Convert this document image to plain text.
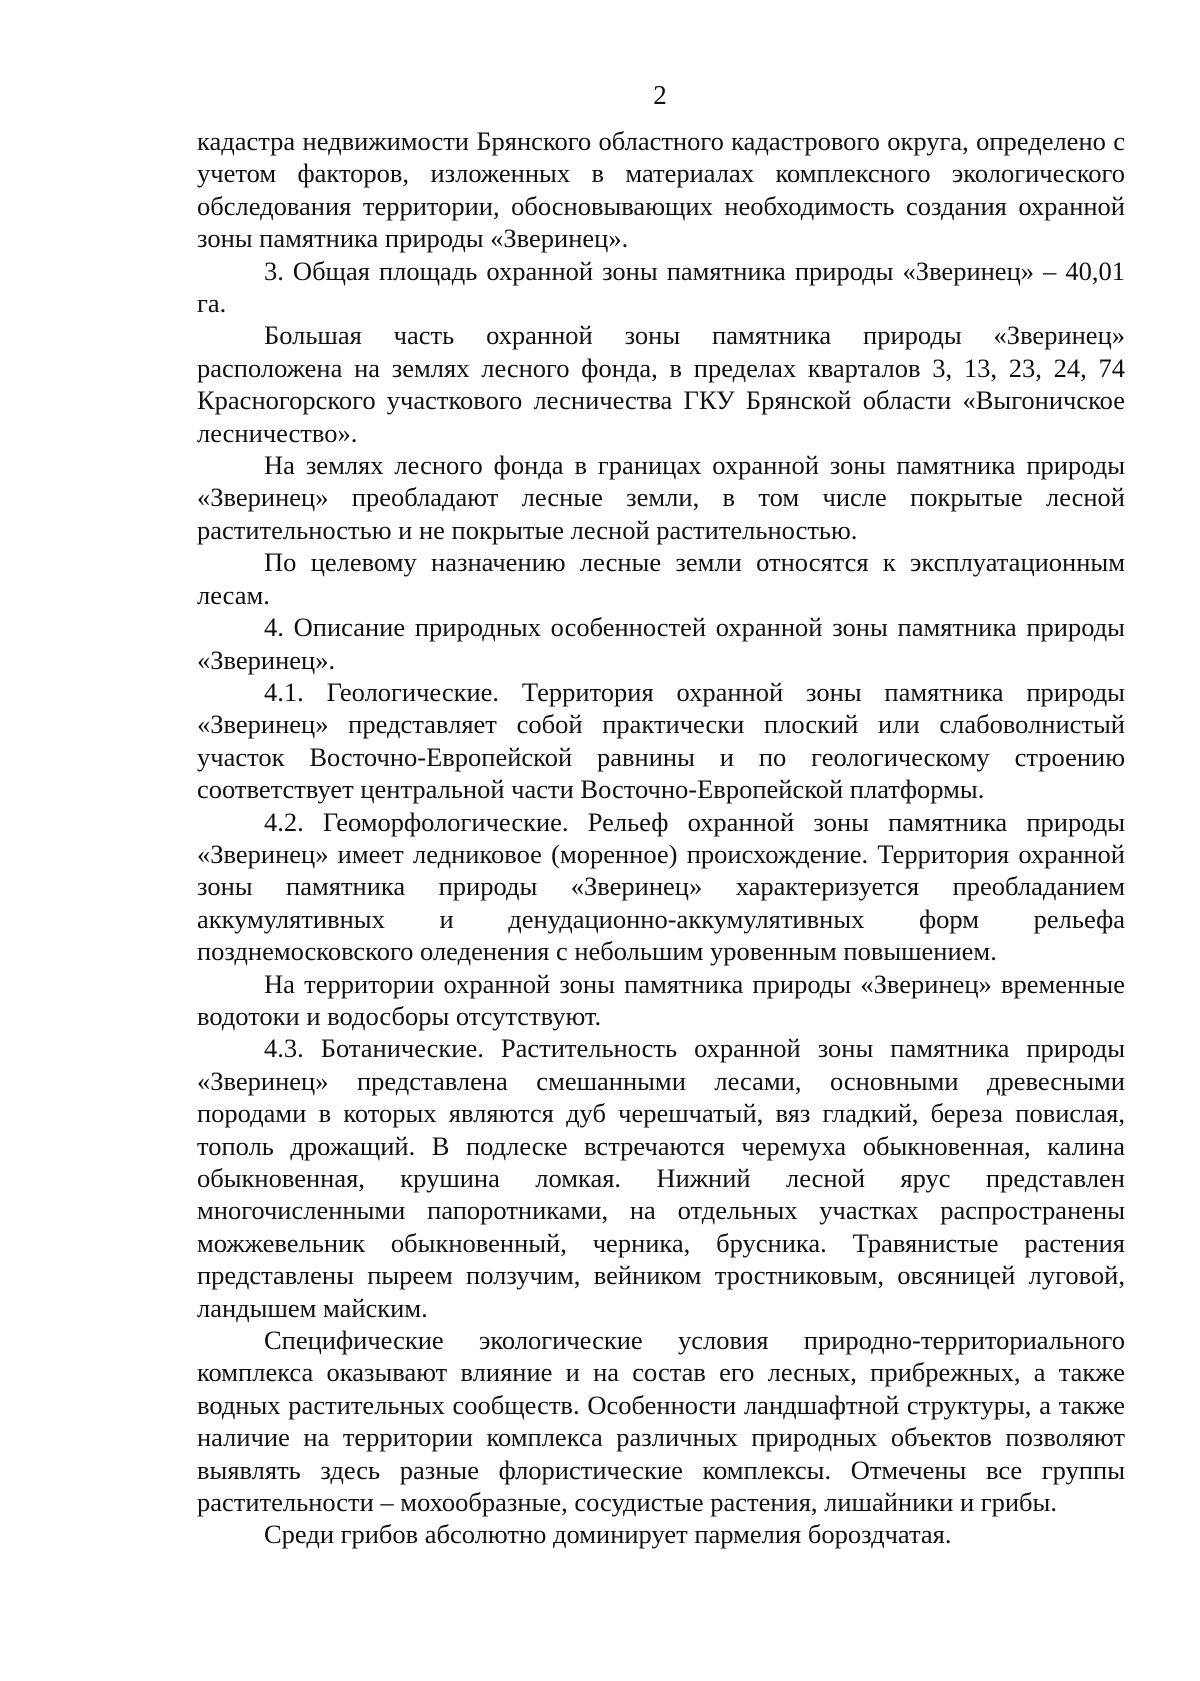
2

кадастра недвижимости Брянского областного кадастрового округа, определено с учетом факторов, изложенных в материалах комплексного экологического обследования территории, обосновывающих необходимость создания охранной зоны памятника природы «Зверинец».

3. Общая площадь охранной зоны памятника природы «Зверинец» – 40,01 га.

Большая часть охранной зоны памятника природы «Зверинец» расположена на землях лесного фонда, в пределах кварталов 3, 13, 23, 24, 74 Красногорского участкового лесничества ГКУ Брянской области «Выгоничское лесничество».

На землях лесного фонда в границах охранной зоны памятника природы «Зверинец» преобладают лесные земли, в том числе покрытые лесной растительностью и не покрытые лесной растительностью.

По целевому назначению лесные земли относятся к эксплуатационным лесам.

4. Описание природных особенностей охранной зоны памятника природы «Зверинец».

4.1. Геологические. Территория охранной зоны памятника природы «Зверинец» представляет собой практически плоский или слабоволнистый участок Восточно-Европейской равнины и по геологическому строению соответствует центральной части Восточно-Европейской платформы.

4.2. Геоморфологические. Рельеф охранной зоны памятника природы «Зверинец» имеет ледниковое (моренное) происхождение. Территория охранной зоны памятника природы «Зверинец» характеризуется преобладанием аккумулятивных и денудационно-аккумулятивных форм рельефа позднемосковского оледенения с небольшим уровенным повышением.

На территории охранной зоны памятника природы «Зверинец» временные водотоки и водосборы отсутствуют.

4.3. Ботанические. Растительность охранной зоны памятника природы «Зверинец» представлена смешанными лесами, основными древесными породами в которых являются дуб черешчатый, вяз гладкий, береза повислая, тополь дрожащий. В подлеске встречаются черемуха обыкновенная, калина обыкновенная, крушина ломкая. Нижний лесной ярус представлен многочисленными папоротниками, на отдельных участках распространены можжевельник обыкновенный, черника, брусника. Травянистые растения представлены пыреем ползучим, вейником тростниковым, овсяницей луговой, ландышем майским.

Специфические экологические условия природно-территориального комплекса оказывают влияние и на состав его лесных, прибрежных, а также водных растительных сообществ. Особенности ландшафтной структуры, а также наличие на территории комплекса различных природных объектов позволяют выявлять здесь разные флористические комплексы. Отмечены все группы растительности – мохообразные, сосудистые растения, лишайники и грибы.

Среди грибов абсолютно доминирует пармелия бороздчатая.
